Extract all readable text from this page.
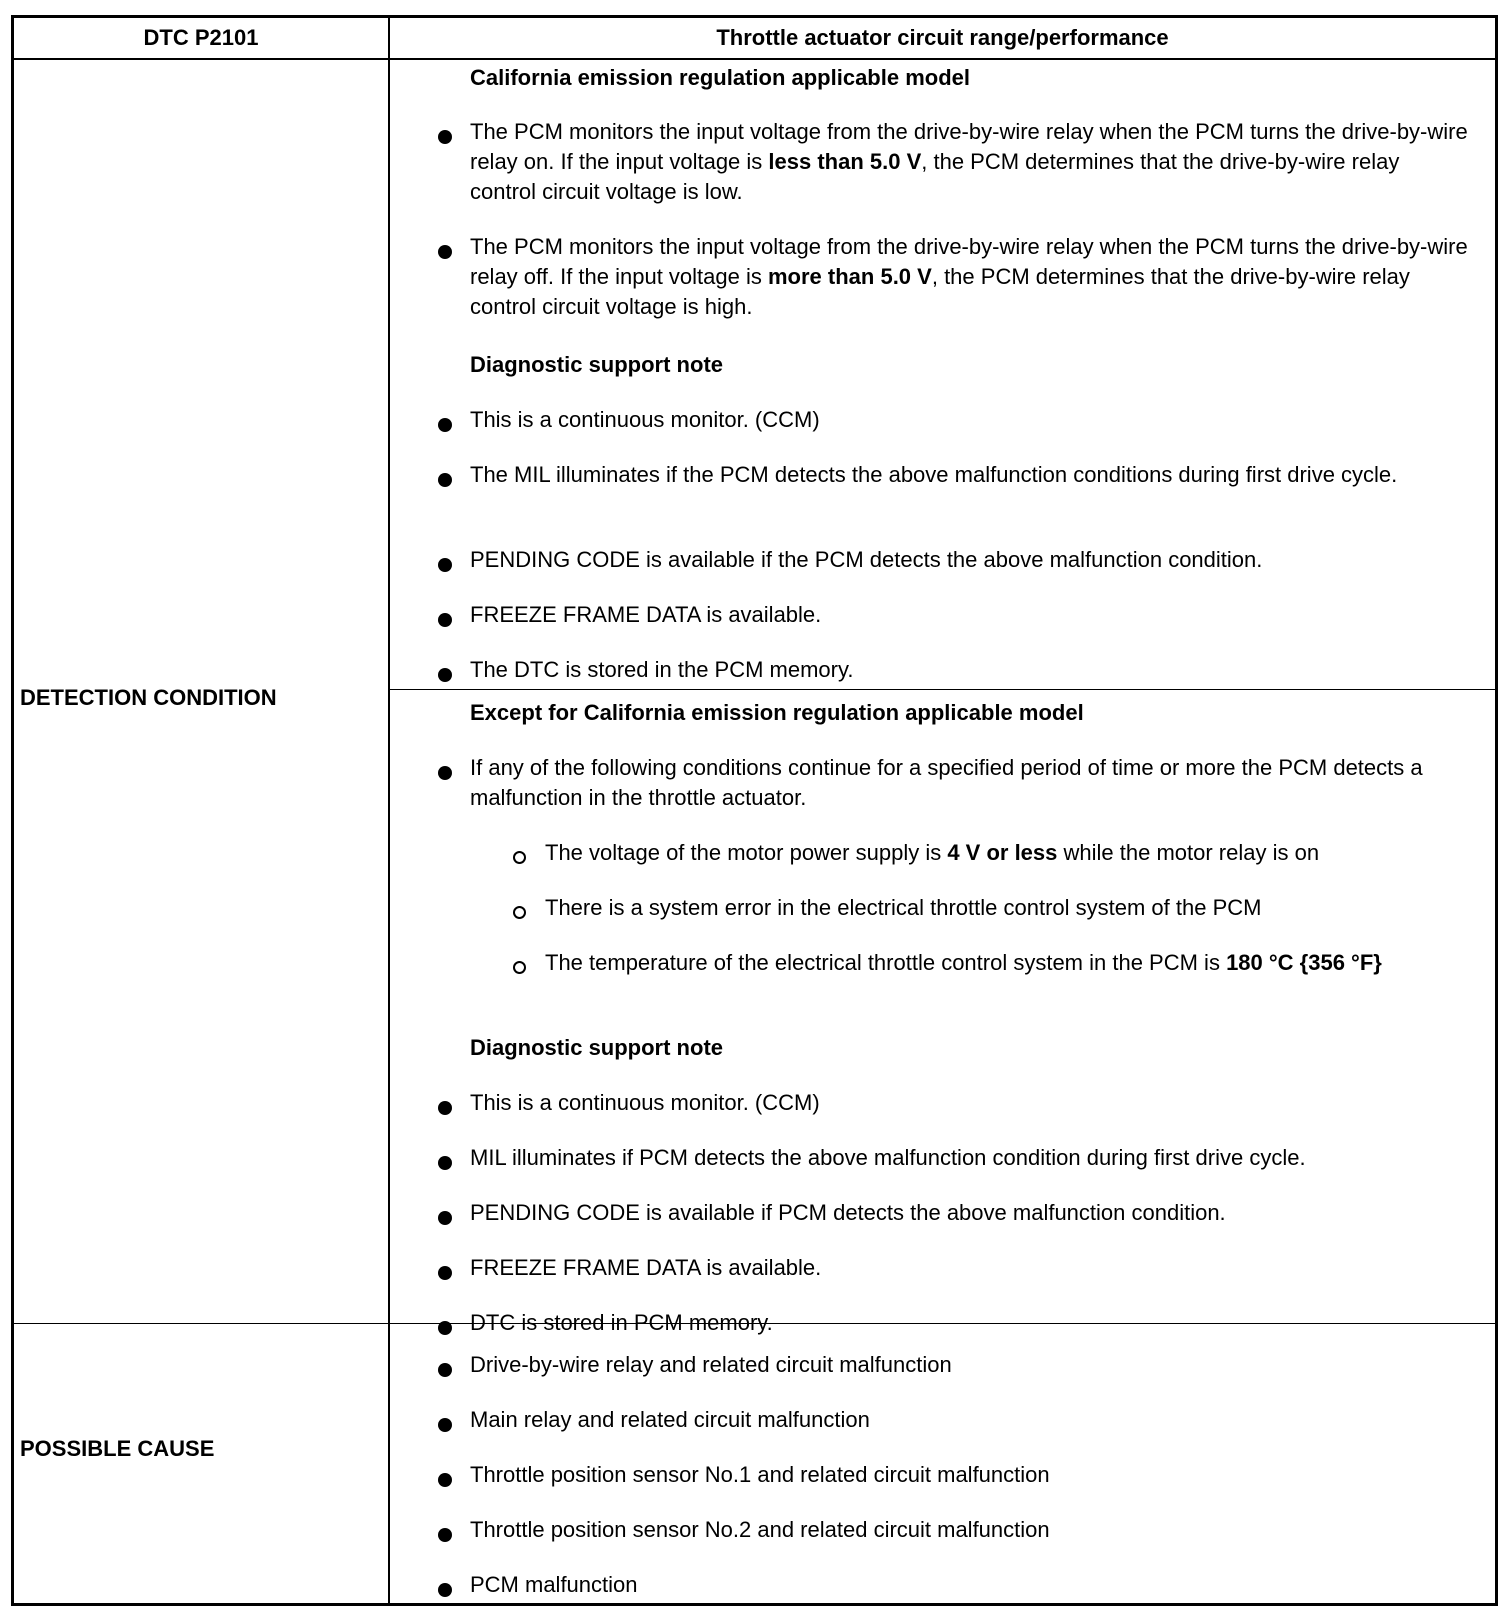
DTC P2101	Throttle actuator circuit range/performance
DETECTION CONDITION
POSSIBLE CAUSE
California emission regulation applicable model
The PCM monitors the input voltage from the drive-by-wire relay when the PCM turns the drive-by-wire relay on. If the input voltage is less than 5.0 V, the PCM determines that the drive-by-wire relay control circuit voltage is low.
The PCM monitors the input voltage from the drive-by-wire relay when the PCM turns the drive-by-wire relay off. If the input voltage is more than 5.0 V, the PCM determines that the drive-by-wire relay control circuit voltage is high.
Diagnostic support note
This is a continuous monitor. (CCM)
The MIL illuminates if the PCM detects the above malfunction conditions during first drive cycle.
PENDING CODE is available if the PCM detects the above malfunction condition.
FREEZE FRAME DATA is available.
The DTC is stored in the PCM memory.
Except for California emission regulation applicable model
If any of the following conditions continue for a specified period of time or more the PCM detects a malfunction in the throttle actuator.
The voltage of the motor power supply is 4 V or less while the motor relay is on
There is a system error in the electrical throttle control system of the PCM
The temperature of the electrical throttle control system in the PCM is 180 °C {356 °F}
Diagnostic support note
This is a continuous monitor. (CCM)
MIL illuminates if PCM detects the above malfunction condition during first drive cycle.
PENDING CODE is available if PCM detects the above malfunction condition.
FREEZE FRAME DATA is available.
DTC is stored in PCM memory.
Drive-by-wire relay and related circuit malfunction
Main relay and related circuit malfunction
Throttle position sensor No.1 and related circuit malfunction
Throttle position sensor No.2 and related circuit malfunction
PCM malfunction
